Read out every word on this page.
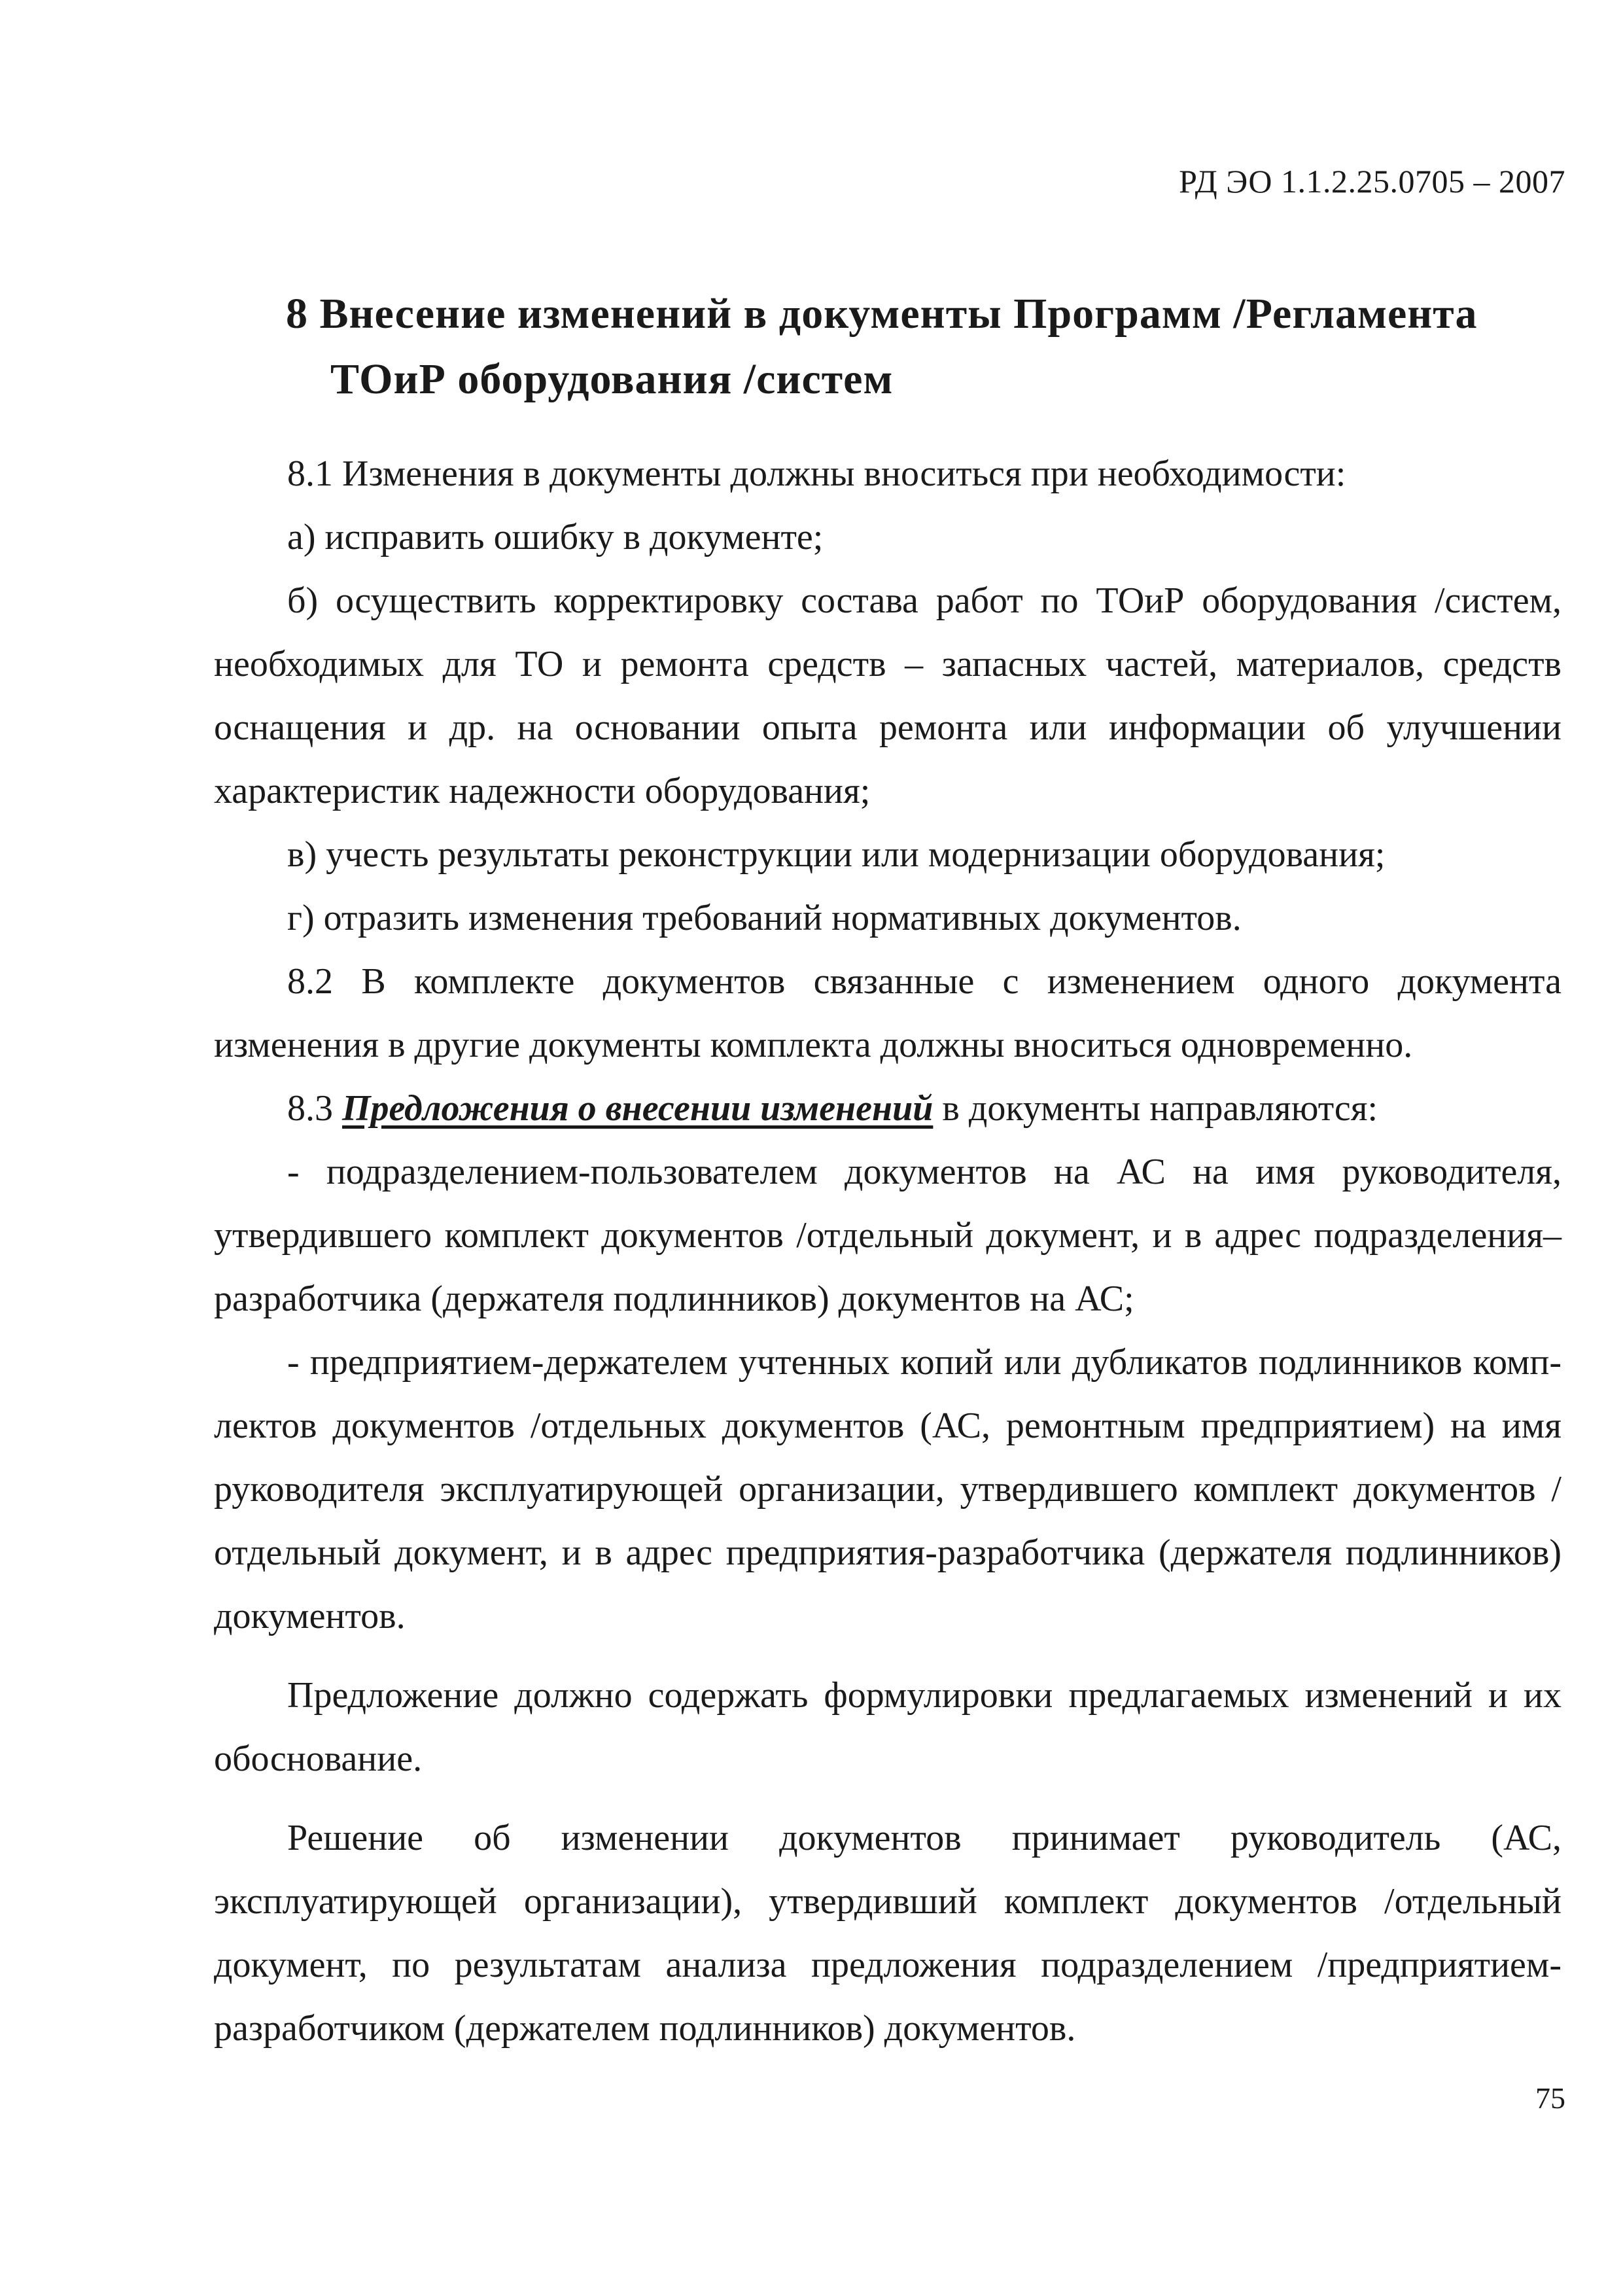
РД ЭО 1.1.2.25.0705 – 2007
8 Внесение изменений в документы Программ /Регламента
ТОиР оборудования /систем

8.1 Изменения в документы должны вноситься при необходимости:

а) исправить ошибку в документе;

б) осуществить корректировку состава работ по ТОиР оборудования /систем, необходимых для ТО и ремонта средств – запасных частей, материалов, средств оснащения и др. на основании опыта ремонта или информации об улучшении характеристик надежности оборудования;

в) учесть результаты реконструкции или модернизации оборудования;

г) отразить изменения требований нормативных документов.

8.2 В комплекте документов связанные с изменением одного документа изменения в другие документы комплекта должны вноситься одновременно.

8.3 Предложения о внесении изменений в документы направляются:

- подразделением-пользователем документов на АС на имя руководителя, утвердившего комплект документов /отдельный документ, и в адрес подразделения–разработчика (держателя подлинников) документов на АС;

- предприятием-держателем учтенных копий или дубликатов подлинников комп-лектов документов /отдельных документов (АС, ремонтным предприятием) на имя руководителя эксплуатирующей организации, утвердившего комплект документов /отдельный документ, и в адрес предприятия-разработчика (держателя подлинников) документов.

Предложение должно содержать формулировки предлагаемых изменений и их обоснование.

Решение об изменении документов принимает руководитель (АС, эксплуатирующей организации), утвердивший комплект документов /отдельный документ, по результатам анализа предложения подразделением /предприятием-разработчиком (держателем подлинников) документов.

75
